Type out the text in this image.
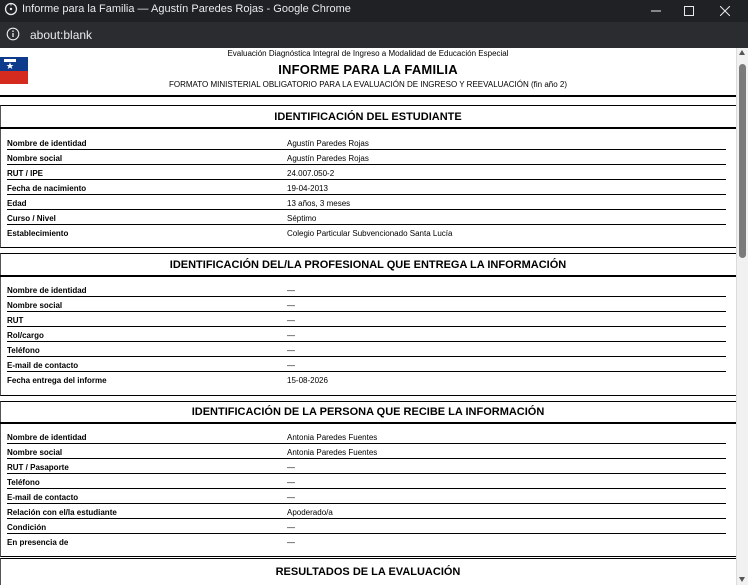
Informe para la Familia — Agustín Paredes Rojas - Google Chrome
about:blank
Evaluación Diagnóstica Integral de Ingreso a Modalidad de Educación Especial
INFORME PARA LA FAMILIA
FORMATO MINISTERIAL OBLIGATORIO PARA LA EVALUACIÓN DE INGRESO Y REEVALUACIÓN (fin año 2)
IDENTIFICACIÓN DEL ESTUDIANTE
Nombre de identidad	Agustín Paredes Rojas
Nombre social	Agustín Paredes Rojas
RUT / IPE	24.007.050-2
Fecha de nacimiento	19-04-2013
Edad	13 años, 3 meses
Curso / Nivel	Séptimo
Establecimiento	Colegio Particular Subvencionado Santa Lucía
IDENTIFICACIÓN DEL/LA PROFESIONAL QUE ENTREGA LA INFORMACIÓN
Nombre de identidad	—
Nombre social	—
RUT	—
Rol/cargo	—
Teléfono	—
E-mail de contacto	—
Fecha entrega del informe	15-08-2026
IDENTIFICACIÓN DE LA PERSONA QUE RECIBE LA INFORMACIÓN
Nombre de identidad	Antonia Paredes Fuentes
Nombre social	Antonia Paredes Fuentes
RUT / Pasaporte	—
Teléfono	—
E-mail de contacto	—
Relación con el/la estudiante	Apoderado/a
Condición	—
En presencia de	—
RESULTADOS DE LA EVALUACIÓN
